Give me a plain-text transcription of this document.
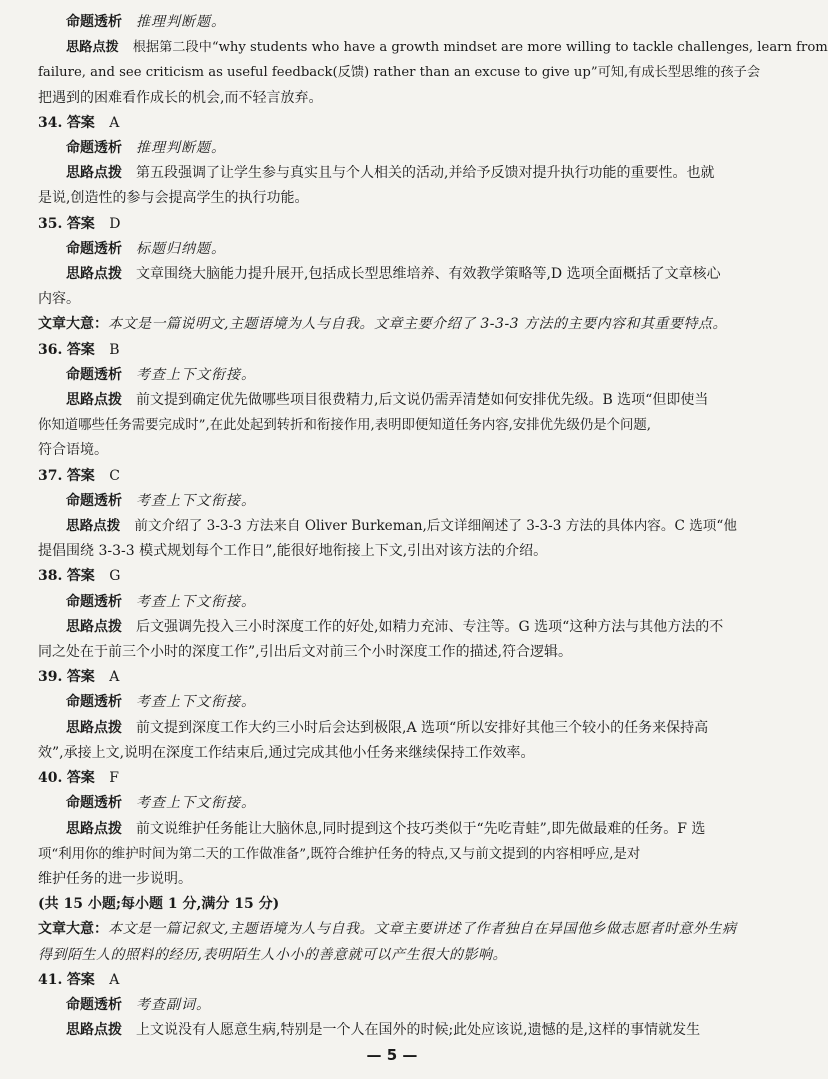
命题透析 推理判断题。
思路点拨 根据第二段中“why students who have a growth mindset are more willing to tackle challenges, learn from
failure, and see criticism as useful feedback(反馈) rather than an excuse to give up”可知,有成长型思维的孩子会
把遇到的困难看作成长的机会,而不轻言放弃。
34. 答案 A
命题透析 推理判断题。
思路点拨 第五段强调了让学生参与真实且与个人相关的活动,并给予反馈对提升执行功能的重要性。也就
是说,创造性的参与会提高学生的执行功能。
35. 答案 D
命题透析 标题归纳题。
思路点拨 文章围绕大脑能力提升展开,包括成长型思维培养、有效教学策略等,D 选项全面概括了文章核心
内容。
文章大意：本文是一篇说明文,主题语境为人与自我。文章主要介绍了 3-3-3 方法的主要内容和其重要特点。
36. 答案 B
命题透析 考查上下文衔接。
思路点拨 前文提到确定优先做哪些项目很费精力,后文说仍需弄清楚如何安排优先级。B 选项“但即使当
你知道哪些任务需要完成时”,在此处起到转折和衔接作用,表明即便知道任务内容,安排优先级仍是个问题,
符合语境。
37. 答案 C
命题透析 考查上下文衔接。
思路点拨 前文介绍了 3-3-3 方法来自 Oliver Burkeman,后文详细阐述了 3-3-3 方法的具体内容。C 选项“他
提倡围绕 3-3-3 模式规划每个工作日”,能很好地衔接上下文,引出对该方法的介绍。
38. 答案 G
命题透析 考查上下文衔接。
思路点拨 后文强调先投入三小时深度工作的好处,如精力充沛、专注等。G 选项“这种方法与其他方法的不
同之处在于前三个小时的深度工作”,引出后文对前三个小时深度工作的描述,符合逻辑。
39. 答案 A
命题透析 考查上下文衔接。
思路点拨 前文提到深度工作大约三小时后会达到极限,A 选项“所以安排好其他三个较小的任务来保持高
效”,承接上文,说明在深度工作结束后,通过完成其他小任务来继续保持工作效率。
40. 答案 F
命题透析 考查上下文衔接。
思路点拨 前文说维护任务能让大脑休息,同时提到这个技巧类似于“先吃青蛙”,即先做最难的任务。F 选
项“利用你的维护时间为第二天的工作做准备”,既符合维护任务的特点,又与前文提到的内容相呼应,是对
维护任务的进一步说明。
(共 15 小题;每小题 1 分,满分 15 分)
文章大意：本文是一篇记叙文,主题语境为人与自我。文章主要讲述了作者独自在异国他乡做志愿者时意外生病
得到陌生人的照料的经历,表明陌生人小小的善意就可以产生很大的影响。
41. 答案 A
命题透析 考查副词。
思路点拨 上文说没有人愿意生病,特别是一个人在国外的时候;此处应该说,遗憾的是,这样的事情就发生
— 5 —
